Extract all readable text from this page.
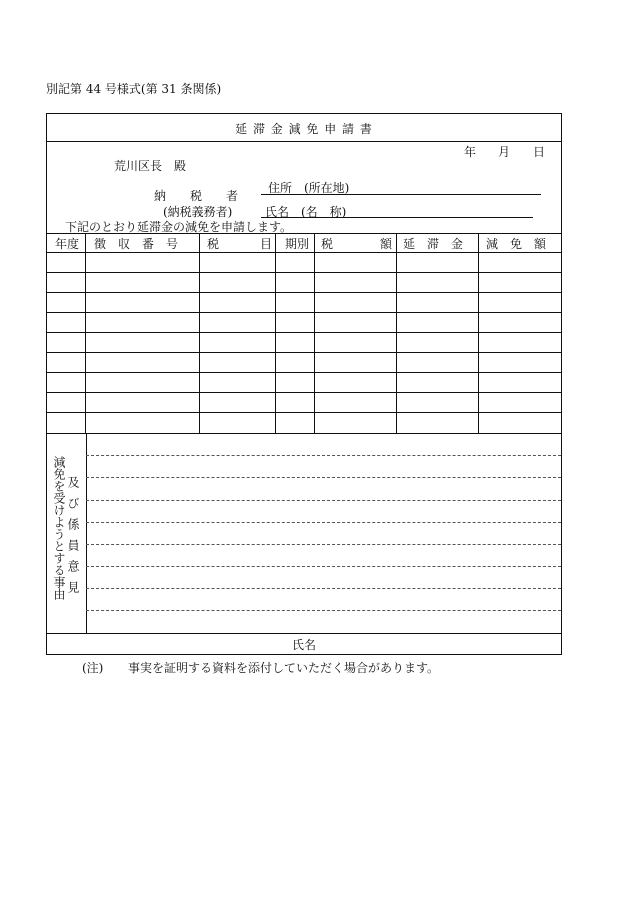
別記第 44 号様式(第 31 条関係)
延 滞 金 減 免 申 請 書
年 月 日
荒川区長　殿
納　　税　　者
(納税義務者)
住所　(所在地)
氏名　(名　称)
下記のとおり延滞金の減免を申請します。
減免を受けようとする事由 及び係員意見
氏名
年度 徴　収　番　号 税	目 期別 税	額 延　滞　金 減　免　額
(注) 事実を証明する資料を添付していただく場合があります。
